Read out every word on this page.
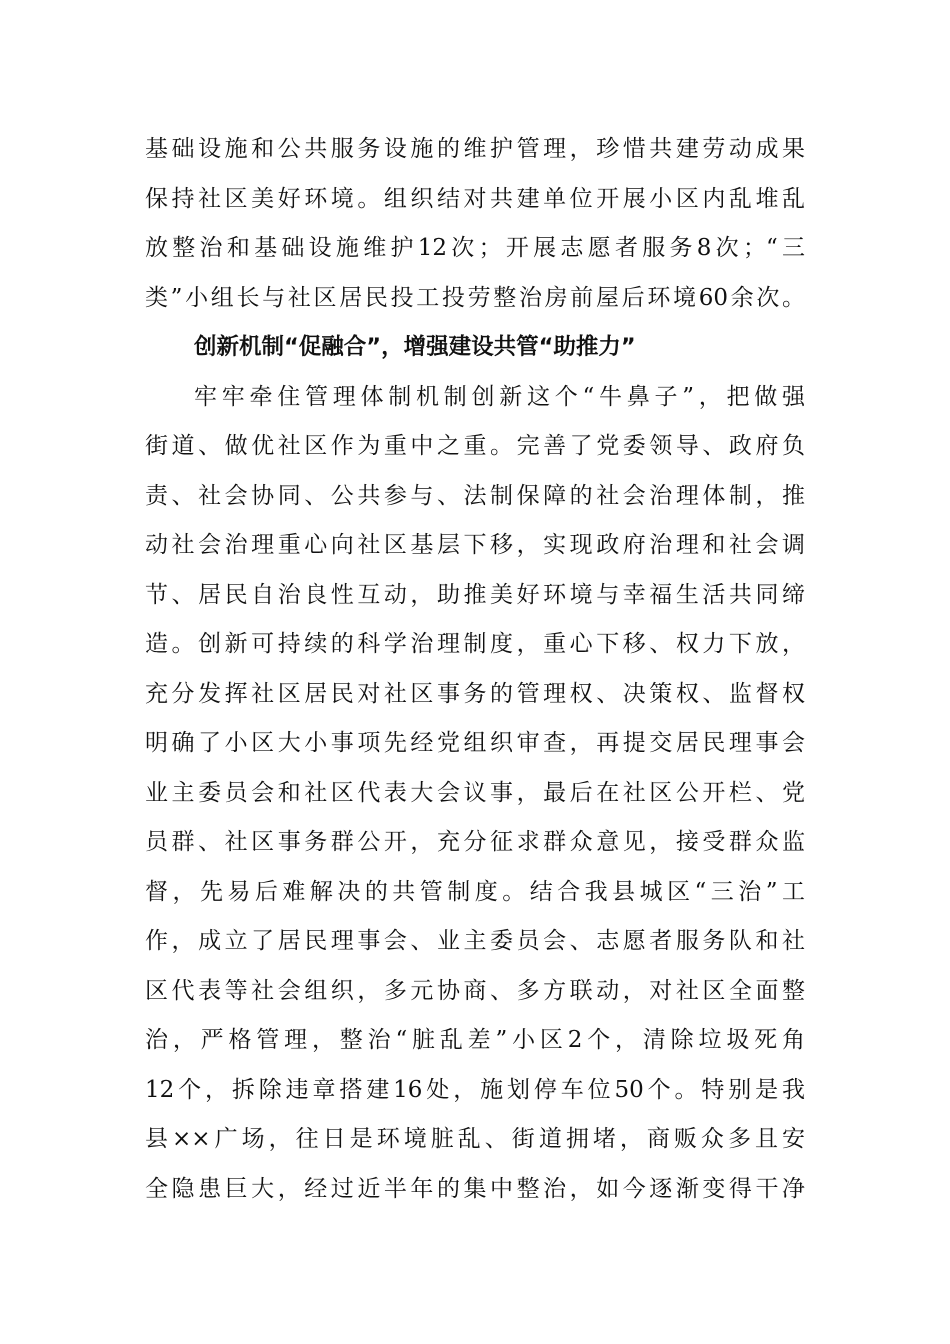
基础设施和公共服务设施的维护管理，珍惜共建劳动成果
保持社区美好环境。组织结对共建单位开展小区内乱堆乱
放整治和基础设施维护12次；开展志愿者服务8次；“三
类”小组长与社区居民投工投劳整治房前屋后环境60余次。
创新机制“促融合”，增强建设共管“助推力”
牢牢牵住管理体制机制创新这个“牛鼻子”，把做强
街道、做优社区作为重中之重。完善了党委领导、政府负
责、社会协同、公共参与、法制保障的社会治理体制，推
动社会治理重心向社区基层下移，实现政府治理和社会调
节、居民自治良性互动，助推美好环境与幸福生活共同缔
造。创新可持续的科学治理制度，重心下移、权力下放，
充分发挥社区居民对社区事务的管理权、决策权、监督权
明确了小区大小事项先经党组织审查，再提交居民理事会
业主委员会和社区代表大会议事，最后在社区公开栏、党
员群、社区事务群公开，充分征求群众意见，接受群众监
督，先易后难解决的共管制度。结合我县城区“三治”工
作，成立了居民理事会、业主委员会、志愿者服务队和社
区代表等社会组织，多元协商、多方联动，对社区全面整
治，严格管理，整治“脏乱差”小区2个，清除垃圾死角
12个，拆除违章搭建16处，施划停车位50个。特别是我
县××广场，往日是环境脏乱、街道拥堵，商贩众多且安
全隐患巨大，经过近半年的集中整治，如今逐渐变得干净
